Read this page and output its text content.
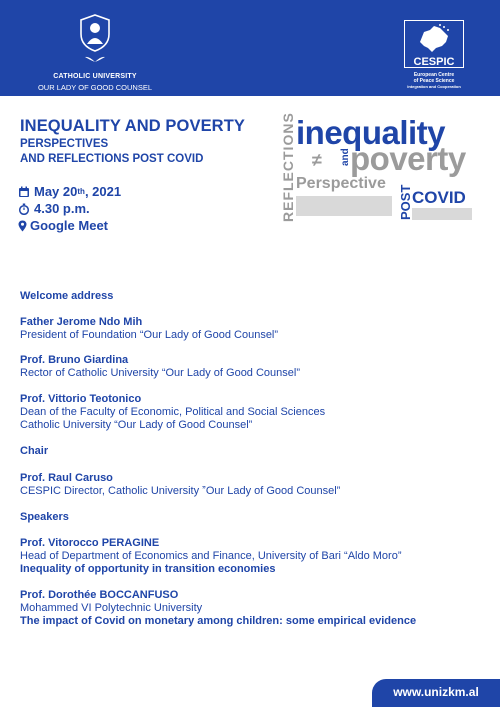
CATHOLIC UNIVERSITY
OUR LADY OF GOOD COUNSEL
CESPIC
European Centre
of Peace Science
Integration and Cooperation
INEQUALITY AND POVERTY
PERSPECTIVES
AND REFLECTIONS POST COVID
May 20 th , 2021
4.30 p.m.
Google Meet
REFLECTIONS inequality
≠ and poverty
Perspective
POST COVID
Welcome address
Father Jerome Ndo Mih
President of Foundation “Our Lady of Good Counsel”
Prof. Bruno Giardina
Rector of Catholic University “Our Lady of Good Counsel”
Prof. Vittorio Teotonico
Dean of the Faculty of Economic, Political and Social Sciences
Catholic University “Our Lady of Good Counsel”
Chair
Prof. Raul Caruso
CESPIC Director, Catholic University ˮOur Lady of Good Counsel”
Speakers
Prof. Vitorocco PERAGINE
Head of Department of Economics and Finance, University of Bari “Aldo Moro”
Inequality of opportunity in transition economies
Prof. Dorothée BOCCANFUSO
Mohammed VI Polytechnic University
The impact of Covid on monetary among children: some empirical evidence
www.unizkm.al
